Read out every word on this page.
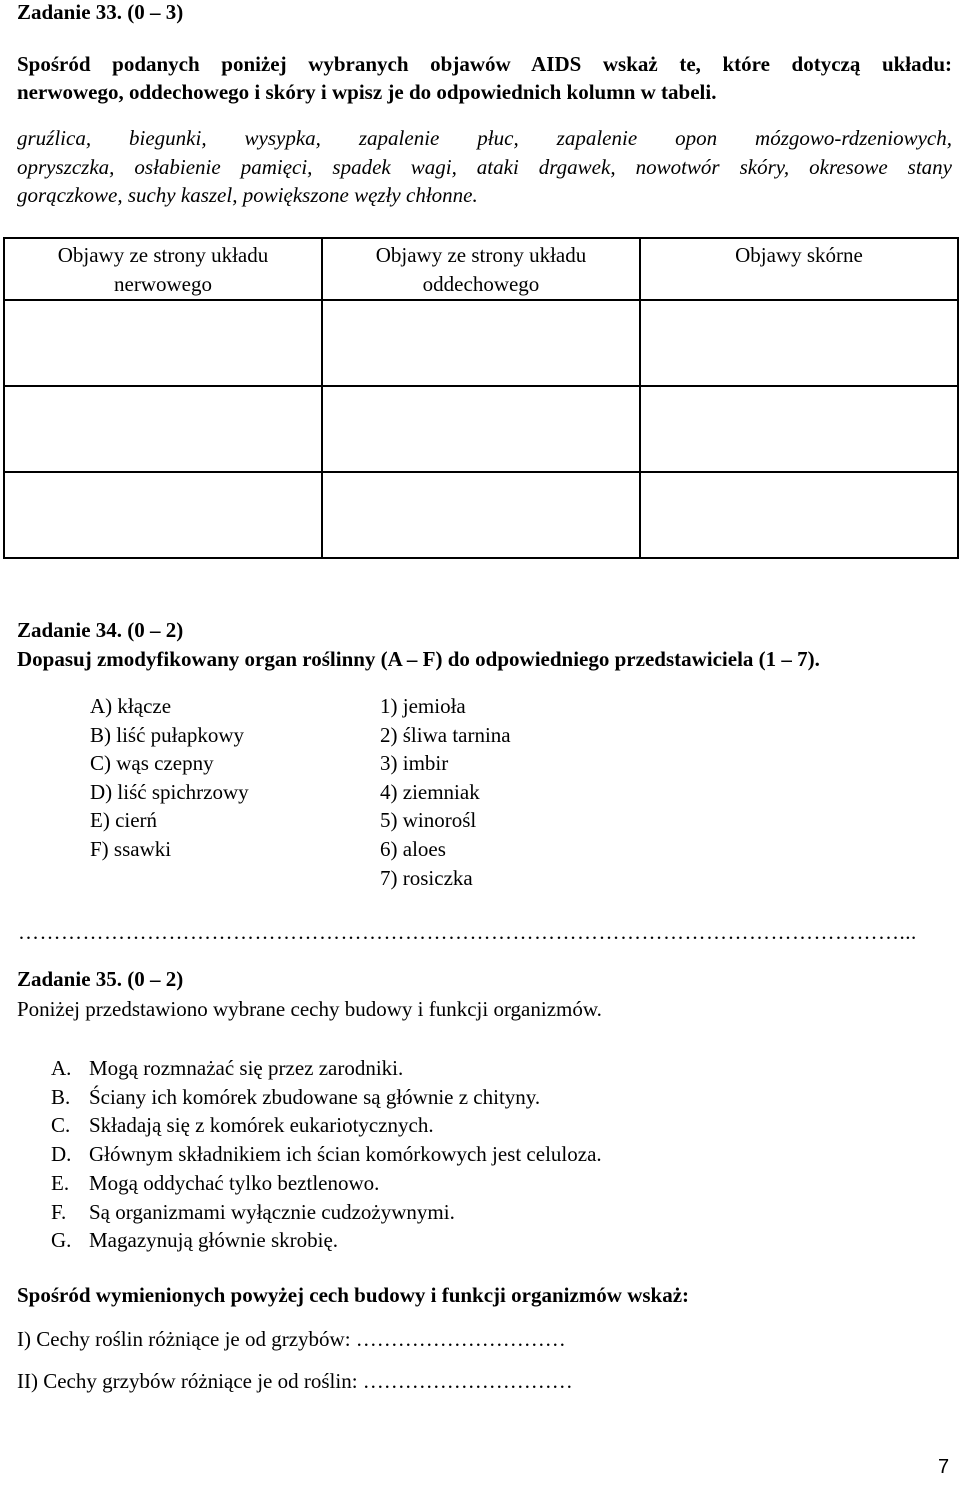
Zadanie 33. (0 – 3)
Spośród podanych poniżej wybranych objawów AIDS wskaż te, które dotyczą układu:
nerwowego, oddechowego i skóry i wpisz je do odpowiednich kolumn w tabeli.
gruźlica, biegunki, wysypka, zapalenie płuc, zapalenie opon mózgowo-rdzeniowych,
opryszczka, osłabienie pamięci, spadek wagi, ataki drgawek, nowotwór skóry, okresowe stany
gorączkowe, suchy kaszel, powiększone węzły chłonne.
Objawy ze strony układu nerwowego	Objawy ze strony układu oddechowego	Objawy skórne

Zadanie 34. (0 – 2)
Dopasuj zmodyfikowany organ roślinny (A – F) do odpowiedniego przedstawiciela (1 – 7).
A) kłącze
B) liść pułapkowy
C) wąs czepny
D) liść spichrzowy
E) cierń
F) ssawki
1) jemioła
2) śliwa tarnina
3) imbir
4) ziemniak
5) winorośl
6) aloes
7) rosiczka
……………………………………………………………………………………………………………...
Zadanie 35. (0 – 2)
Poniżej przedstawiono wybrane cechy budowy i funkcji organizmów.
A. Mogą rozmnażać się przez zarodniki.
B. Ściany ich komórek zbudowane są głównie z chityny.
C. Składają się z komórek eukariotycznych.
D. Głównym składnikiem ich ścian komórkowych jest celuloza.
E. Mogą oddychać tylko beztlenowo.
F.	Są organizmami wyłącznie cudzożywnymi.
G. Magazynują głównie skrobię.
Spośród wymienionych powyżej cech budowy i funkcji organizmów wskaż:
I) Cechy roślin różniące je od grzybów: …………………………
II) Cechy grzybów różniące je od roślin: …………………………
7
